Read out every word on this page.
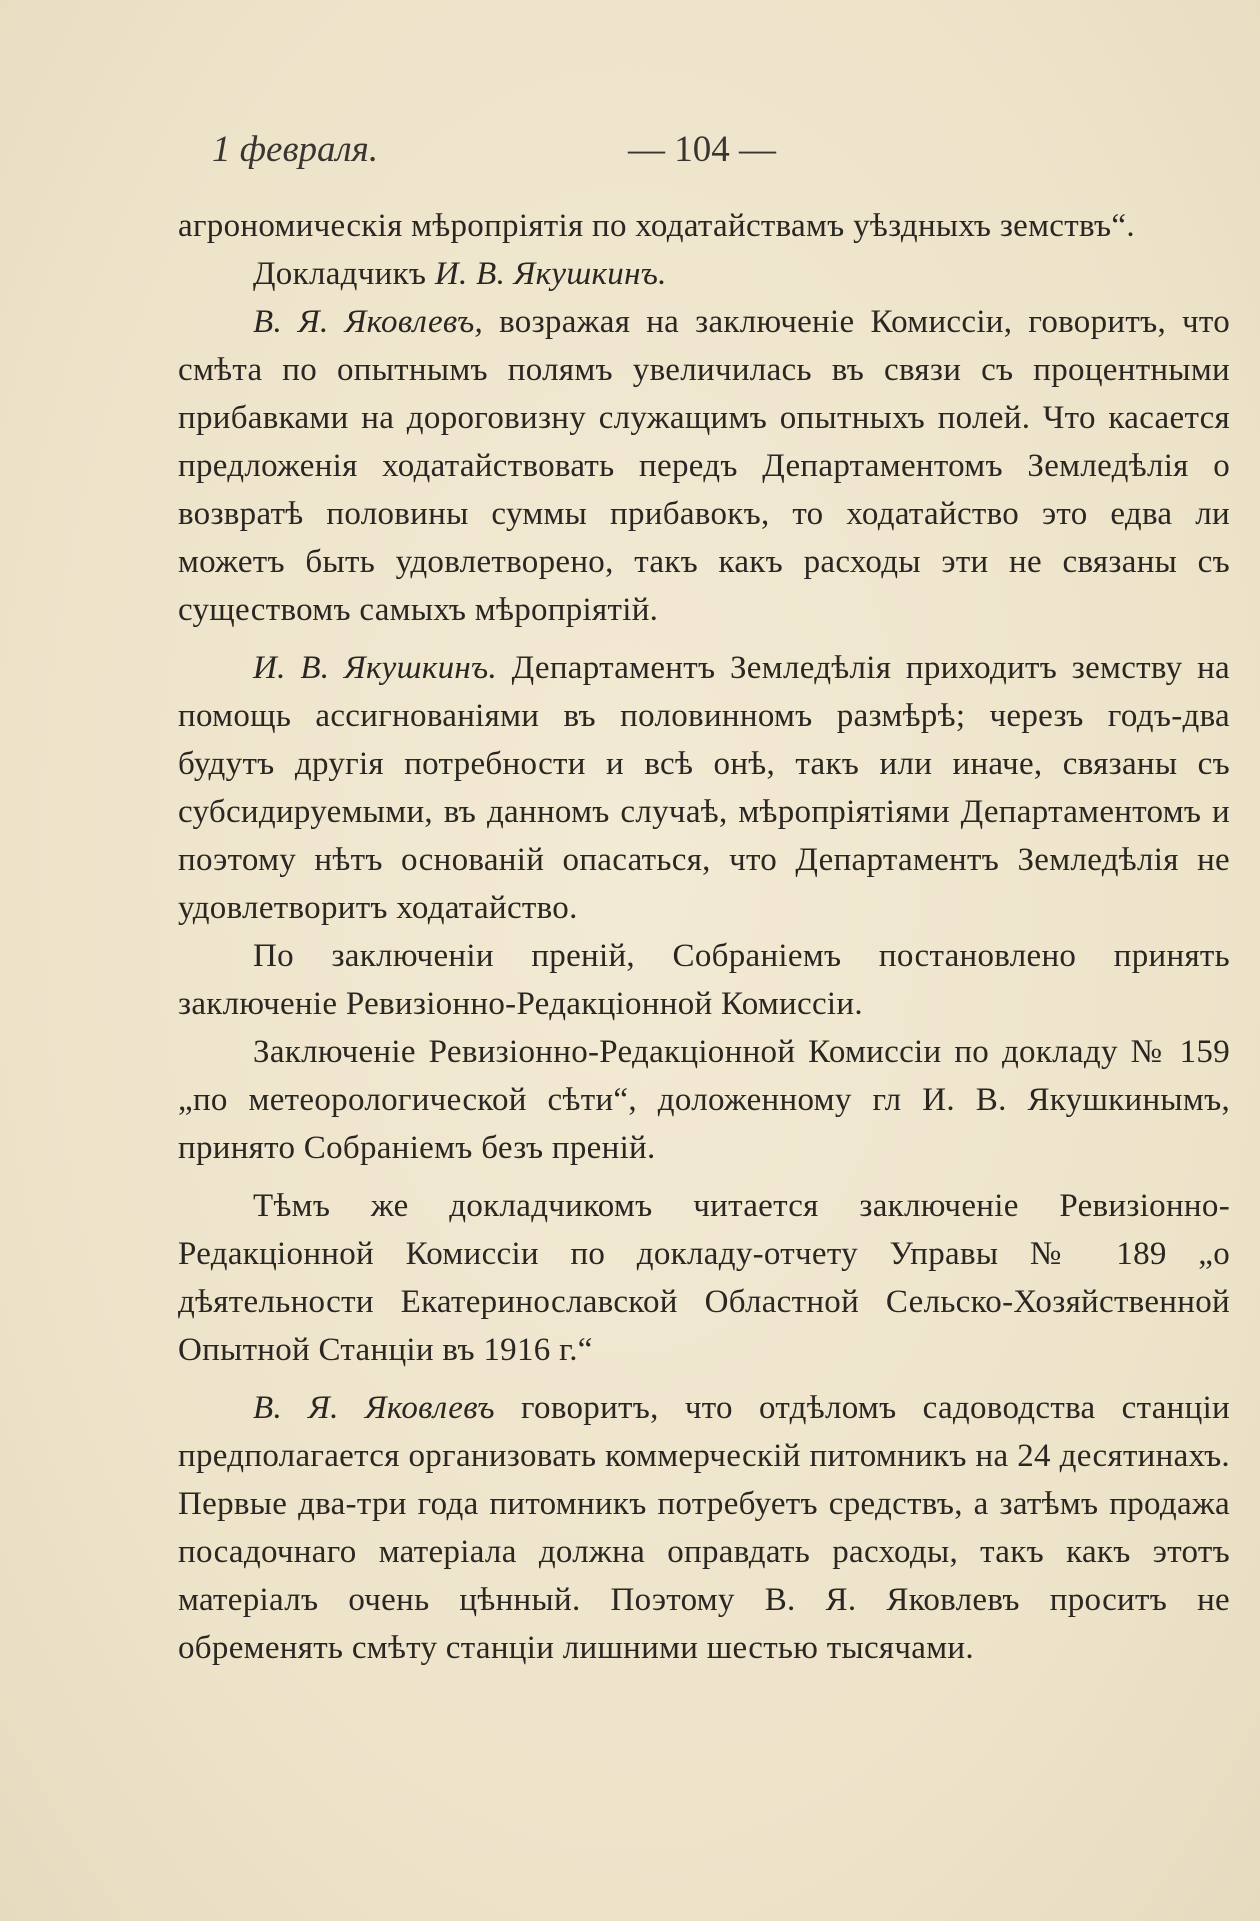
1 февраля.	— 104 —

агрономическія мѣропріятія по ходатайствамъ уѣздныхъ земствъ“.

Докладчикъ И. В. Якушкинъ.

В. Я. Яковлевъ, возражая на заключеніе Комиссіи, говоритъ, что смѣта по опытнымъ полямъ увеличилась въ связи съ процентными прибавками на дороговизну служащимъ опытныхъ полей. Что касается предложенія ходатайствовать передъ Департаментомъ Земледѣлія о возвратѣ половины суммы прибавокъ, то ходатайство это едва ли можетъ быть удовлетворено, такъ какъ расходы эти не связаны съ существомъ самыхъ мѣропріятій.

И. В. Якушкинъ. Департаментъ Земледѣлія приходитъ земству на помощь ассигнованіями въ половинномъ размѣрѣ; черезъ годъ-два будутъ другія потребности и всѣ онѣ, такъ или иначе, связаны съ субсидируемыми, въ данномъ случаѣ, мѣропріятіями Департаментомъ и поэтому нѣтъ основаній опасаться, что Департаментъ Земледѣлія не удовлетворитъ ходатайство.

По заключеніи преній, Собраніемъ постановлено принять заключеніе Ревизіонно-Редакціонной Комиссіи.

Заключеніе Ревизіонно-Редакціонной Комиссіи по докладу № 159 „по метеорологической сѣти“, доложенному гл И. В. Якушкинымъ, принято Собраніемъ безъ преній.

Тѣмъ же докладчикомъ читается заключеніе Ревизіонно-Редакціонной Комиссіи по докладу-отчету Управы № 189 „о дѣятельности Екатеринославской Областной Сельско-Хозяйственной Опытной Станціи въ 1916 г.“

В. Я. Яковлевъ говоритъ, что отдѣломъ садоводства станціи предполагается организовать коммерческій питомникъ на 24 десятинахъ. Первые два-три года питомникъ потребуетъ средствъ, а затѣмъ продажа посадочнаго матеріала должна оправдать расходы, такъ какъ этотъ матеріалъ очень цѣнный. Поэтому В. Я. Яковлевъ проситъ не обременять смѣту станціи лишними шестью тысячами.
